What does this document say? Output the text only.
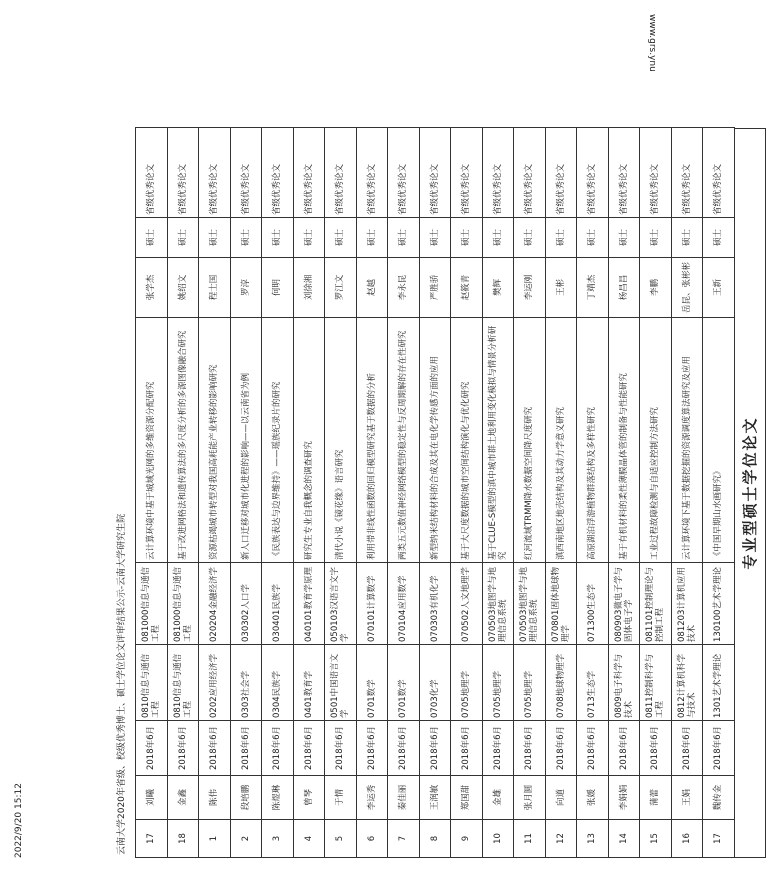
云南大学2020年省级、校级优秀博士、硕士学位论文评审结果公示-云南大学研究生院
2022/9/20 15:12
www.grs.ynu
17	刘曦	2018年6月	0810信息与通信工程	081000信息与通信工程	云计算环境中基于城域光网的多维资源分配研究	张学杰	硕士	省级优秀论文
18	金鑫	2018年6月	0810信息与通信工程	081000信息与通信工程	基于改进网格法和遗传算法的多尺度分析的多源图像融合研究	姚绍文	硕士	省级优秀论文
1	陈伟	2018年6月	0202应用经济学	020204金融经济学	资源枯竭城市转型对我国高耗能产业转移的影响研究	程士国	硕士	省级优秀论文
2	段培鹏	2018年6月	0303社会学	030302人口学	新人口迁移对城市化进程的影响——以云南省为例	罗淳	硕士	省级优秀论文
3	陈煜琳	2018年6月	0304民族学	030401民族学	《民族表达与边界维持》——瑶族纪录片的研究	何明	硕士	省级优秀论文
4	曾琴	2018年6月	0401教育学	040101教育学原理	研究生专业自我概念的调查研究	刘徐湘	硕士	省级优秀论文
5	于情	2018年6月	0501中国语言文学	050103汉语言文字学	清代小说《镜花缘》语言研究	罗江文	硕士	省级优秀论文
6	李运秀	2018年6月	0701数学	070101计算数学	利用带非线性函数的回归模型研究基于数据的分析	赵越	硕士	省级优秀论文
7	秦佳丽	2018年6月	0701数学	070104应用数学	两类五元数值神经网络模型的稳定性与反周期解的存在性研究	李永昆	硕士	省级优秀论文
8	王润敏	2018年6月	0703化学	070303有机化学	新型纳米结构材料的合成及其在电化学传感方面的应用	严胜骄	硕士	省级优秀论文
9	郑国甜	2018年6月	0705地理学	070502人文地理学	基于大尺度数据的城市空间结构演化与优化研究	赵筱青	硕士	省级优秀论文
10	金雄	2018年6月	0705地理学	070503地图学与地理信息系统	基于CLUE-S模型的滇中城市群土地利用变化模拟与情景分析研究	樊辉	硕士	省级优秀论文
11	张月圆	2018年6月	0705地理学	070503地图学与地理信息系统	红河流域TRMM降水数据空间降尺度研究	李运刚	硕士	省级优秀论文
12	向道	2018年6月	0708地球物理学	070801固体地球物理学	滇西南地区地壳结构及其动力学意义研究	王彬	硕士	省级优秀论文
13	张媛	2018年6月	0713生态学	071300生态学	高原湖泊浮游植物群落结构及多样性研究	丁靖杰	硕士	省级优秀论文
14	李娟娟	2018年6月	0809电子科学与技术	080903微电子学与固体电子学	基于有机材料的柔性薄膜晶体管的制备与性能研究	杨昌昌	硕士	省级优秀论文
15	蒲蕾	2018年6月	0811控制科学与工程	081101控制理论与控制工程	工业过程故障检测与自适应控制方法研究	李鹏	硕士	省级优秀论文
16	王娟	2018年6月	0812计算机科学与技术	081203计算机应用技术	云计算环境下基于数据挖掘的资源调度算法研究及应用	岳昆、张彬彬	硕士	省级优秀论文
17	魏传金	2018年6月	1301艺术学理论	130100艺术学理论	《中国早期山水画研究》	王新	硕士	省级优秀论文
专业型硕士学位论文
